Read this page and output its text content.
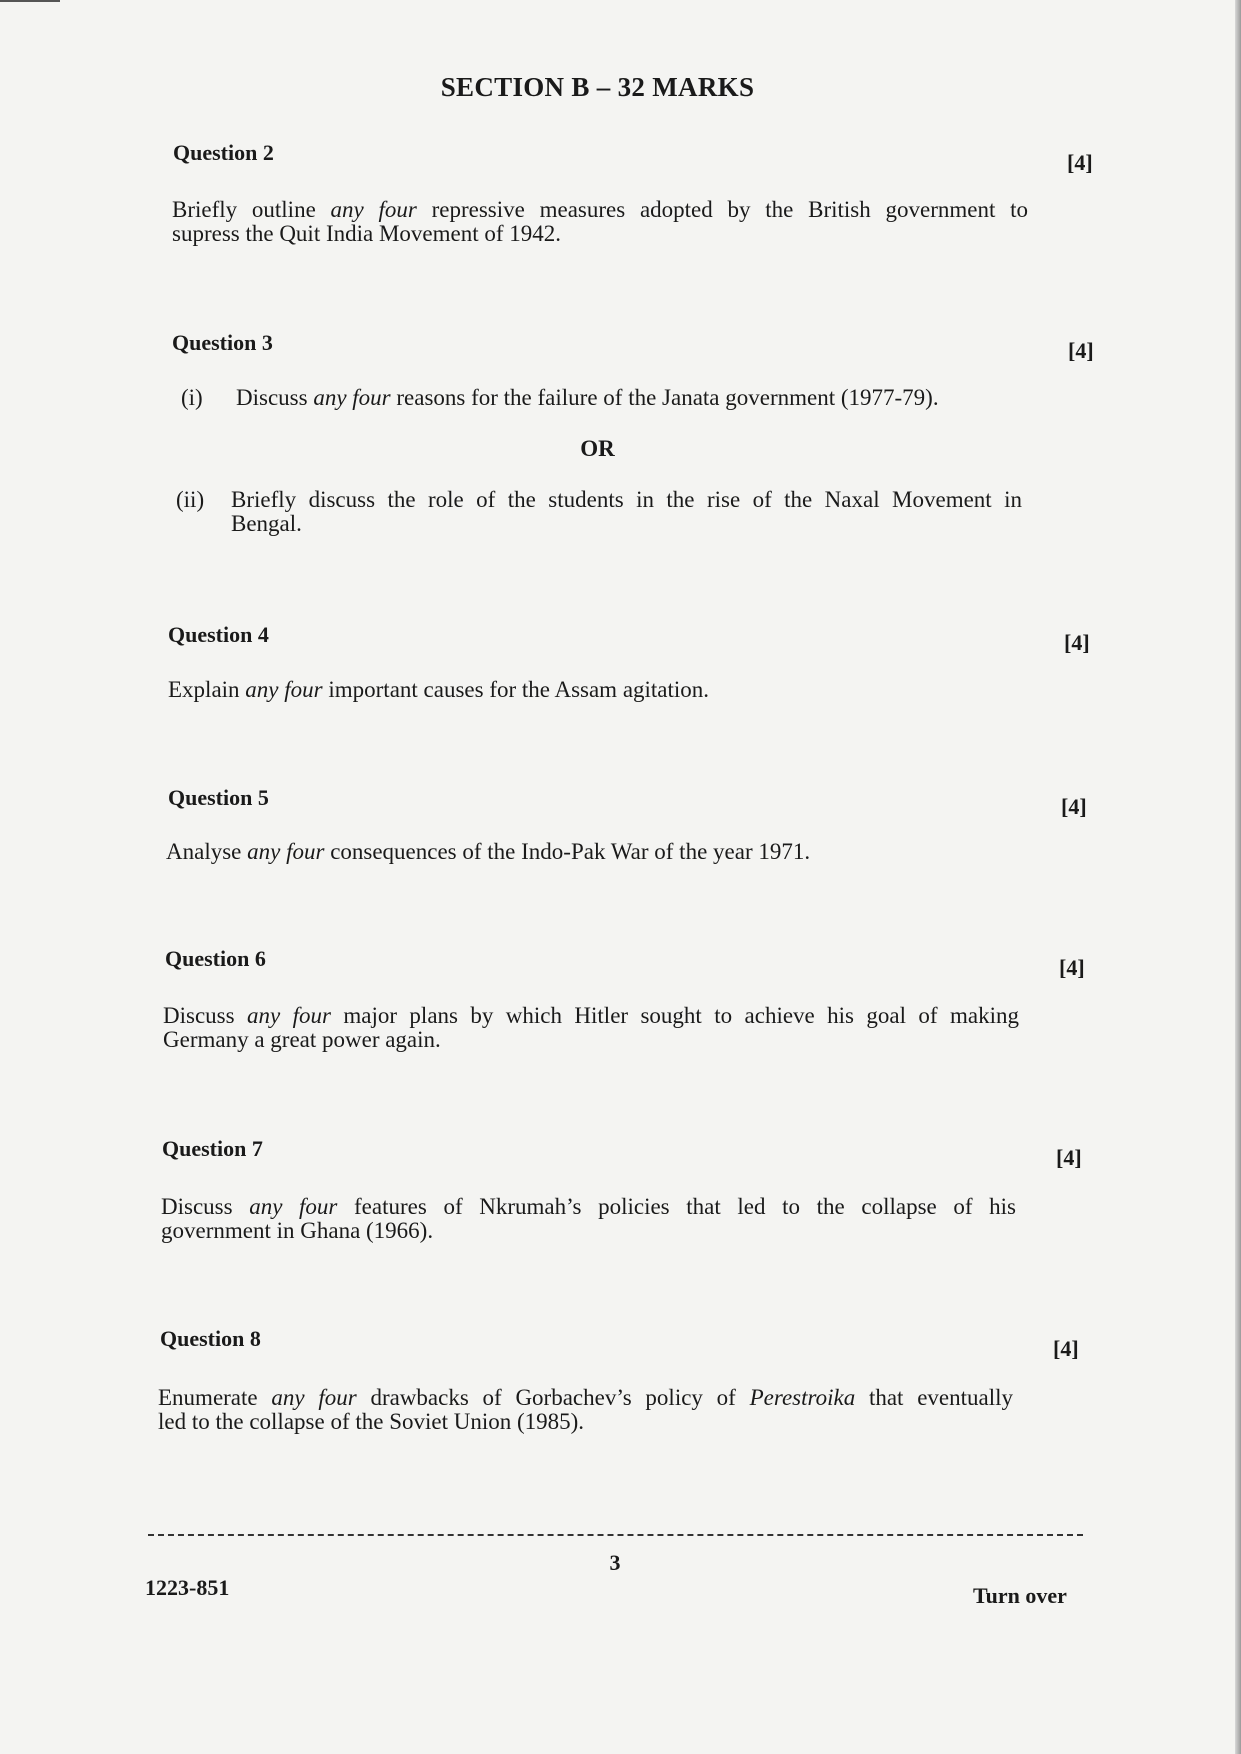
SECTION B – 32 MARKS
Question 2	[4]
Briefly outline any four repressive measures adopted by the British government to
supress the Quit India Movement of 1942.
Question 3	[4]
(i) Discuss any four reasons for the failure of the Janata government (1977-79).
OR
(ii) Briefly discuss the role of the students in the rise of the Naxal Movement in
Bengal.
Question 4	[4]
Explain any four important causes for the Assam agitation.
Question 5	[4]
Analyse any four consequences of the Indo-Pak War of the year 1971.
Question 6	[4]
Discuss any four major plans by which Hitler sought to achieve his goal of making
Germany a great power again.
Question 7	[4]
Discuss any four features of Nkrumah’s policies that led to the collapse of his
government in Ghana (1966).
Question 8	[4]
Enumerate any four drawbacks of Gorbachev’s policy of Perestroika that eventually
led to the collapse of the Soviet Union (1985).
3
1223-851	Turn over
